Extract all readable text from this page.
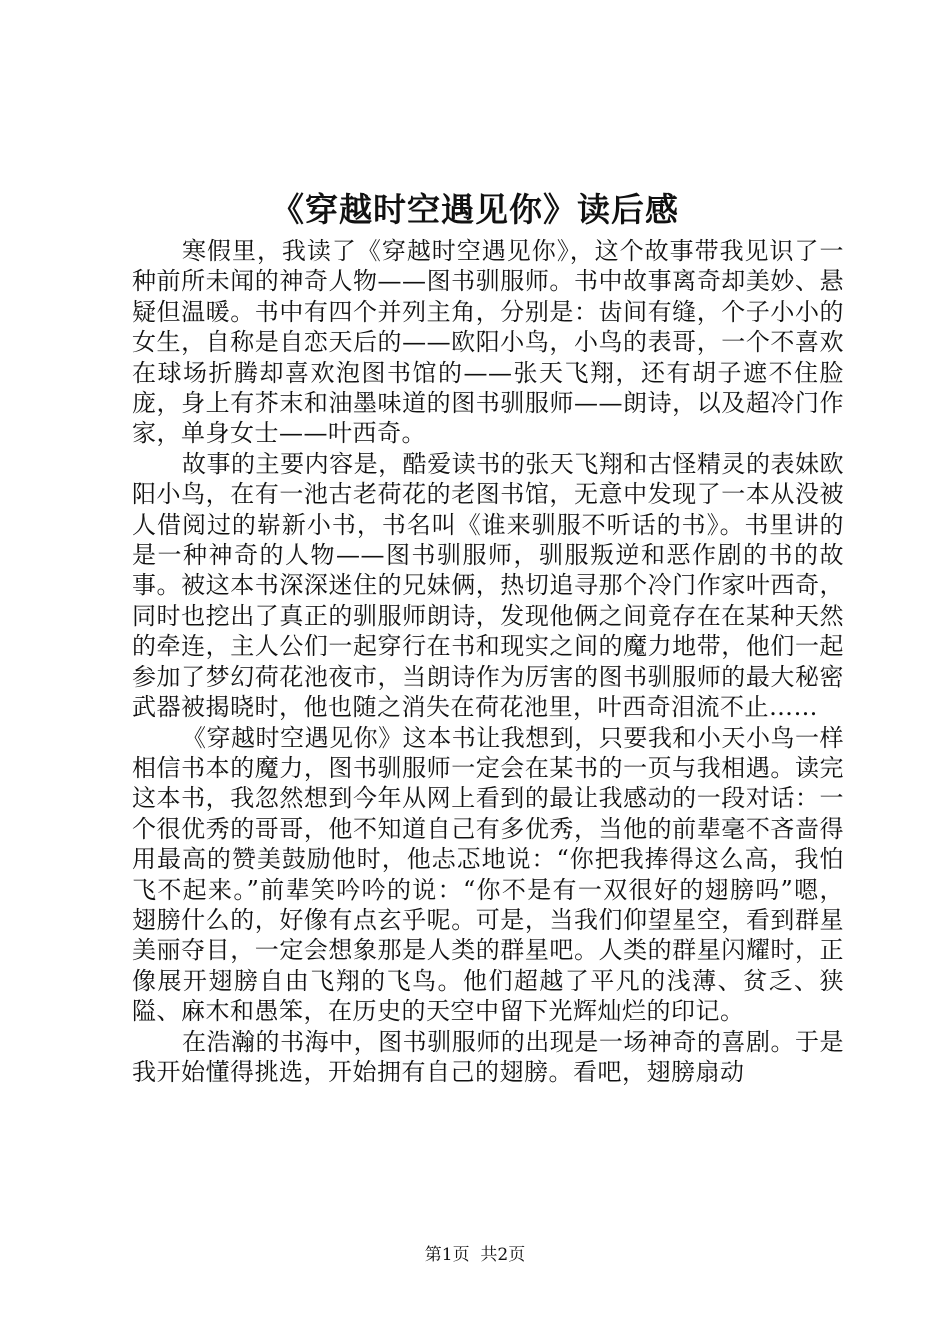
《穿越时空遇见你》读后感

寒假里，我读了《穿越时空遇见你》，这个故事带我见识了一种前所未闻的神奇人物——图书驯服师。书中故事离奇却美妙、悬疑但温暖。书中有四个并列主角，分别是：齿间有缝，个子小小的女生，自称是自恋天后的——欧阳小鸟，小鸟的表哥，一个不喜欢在球场折腾却喜欢泡图书馆的——张天飞翔，还有胡子遮不住脸庞，身上有芥末和油墨味道的图书驯服师——朗诗，以及超冷门作家，单身女士——叶西奇。

故事的主要内容是，酷爱读书的张天飞翔和古怪精灵的表妹欧阳小鸟，在有一池古老荷花的老图书馆，无意中发现了一本从没被人借阅过的崭新小书，书名叫《谁来驯服不听话的书》。书里讲的是一种神奇的人物——图书驯服师，驯服叛逆和恶作剧的书的故事。被这本书深深迷住的兄妹俩，热切追寻那个冷门作家叶西奇，同时也挖出了真正的驯服师朗诗，发现他俩之间竟存在在某种天然的牵连，主人公们一起穿行在书和现实之间的魔力地带，他们一起参加了梦幻荷花池夜市，当朗诗作为厉害的图书驯服师的最大秘密武器被揭晓时，他也随之消失在荷花池里，叶西奇泪流不止……

《穿越时空遇见你》这本书让我想到，只要我和小天小鸟一样相信书本的魔力，图书驯服师一定会在某书的一页与我相遇。读完这本书，我忽然想到今年从网上看到的最让我感动的一段对话：一个很优秀的哥哥，他不知道自己有多优秀，当他的前辈毫不吝啬得用最高的赞美鼓励他时，他忐忑地说：“你把我捧得这么高，我怕飞不起来。”前辈笑吟吟的说：“你不是有一双很好的翅膀吗”嗯，翅膀什么的，好像有点玄乎呢。可是，当我们仰望星空，看到群星美丽夺目，一定会想象那是人类的群星吧。人类的群星闪耀时，正像展开翅膀自由飞翔的飞鸟。他们超越了平凡的浅薄、贫乏、狭隘、麻木和愚笨，在历史的天空中留下光辉灿烂的印记。

在浩瀚的书海中，图书驯服师的出现是一场神奇的喜剧。于是我开始懂得挑选，开始拥有自己的翅膀。看吧，翅膀扇动

第1页  共2页
